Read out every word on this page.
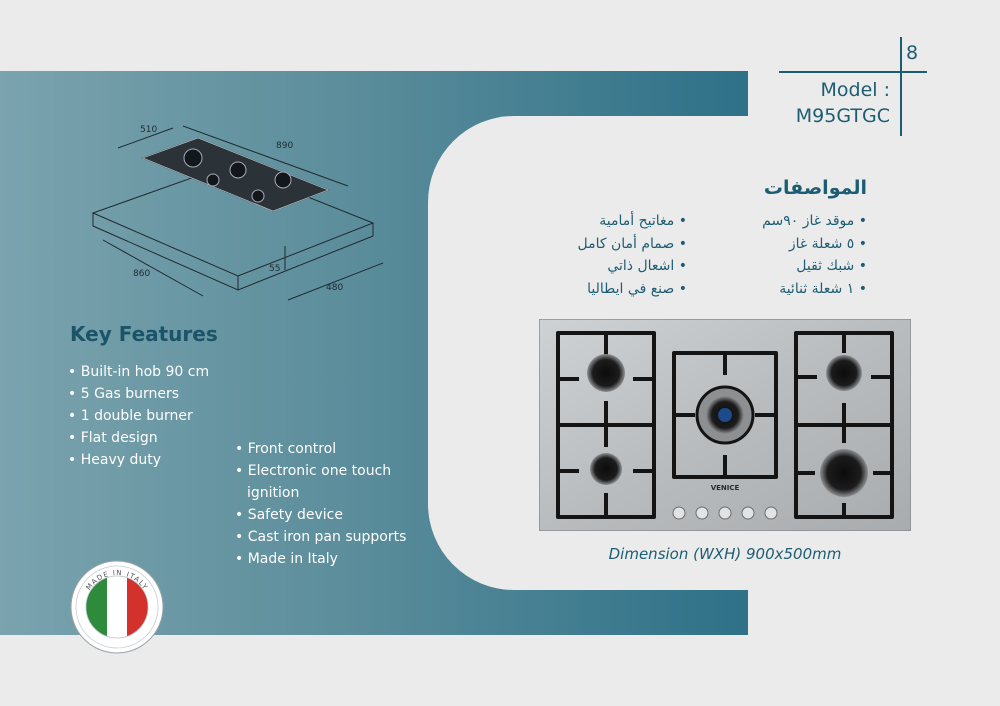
8
Model :
M95GTGC
510
890
860	55
480
Key Features
• Built-in hob 90 cm
• 5 Gas burners
• 1 double burner
• Flat design
• Heavy duty
• Front control
• Electronic one touch ignition
• Safety device
• Cast iron pan supports
• Made in Italy
MADE IN ITALY
المواصفات
• موقد غاز ٩٠سم
• ٥ شعلة غاز
• شبك ثقيل
• ١ شعلة ثنائية
• مغاتيح أمامية
• صمام أمان كامل
• اشعال ذاتي
• صنع في ايطاليا
VENICE
Dimension (WXH) 900x500mm
